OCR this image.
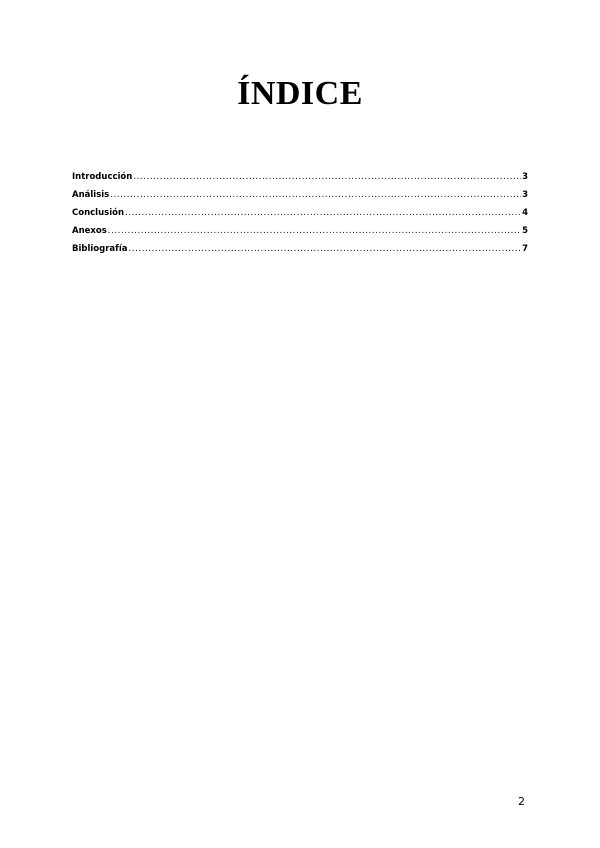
ÍNDICE
Introducción .....	3
Análisis .....	3
Conclusión .....	4
Anexos .....	5
Bibliografía .....	7
2
